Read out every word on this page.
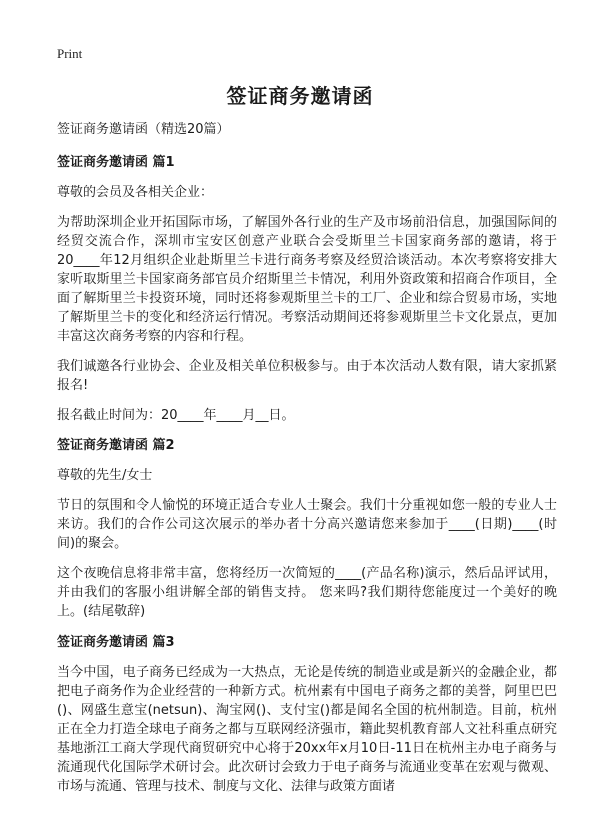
Print
签证商务邀请函

签证商务邀请函（精选20篇）

签证商务邀请函 篇1

尊敬的会员及各相关企业：

为帮助深圳企业开拓国际市场，了解国外各行业的生产及市场前沿信息，加强国际间的经贸交流合作，深圳市宝安区创意产业联合会受斯里兰卡国家商务部的邀请，将于20____年12月组织企业赴斯里兰卡进行商务考察及经贸洽谈活动。本次考察将安排大家听取斯里兰卡国家商务部官员介绍斯里兰卡情况，利用外资政策和招商合作项目，全面了解斯里兰卡投资环境，同时还将参观斯里兰卡的工厂、企业和综合贸易市场，实地了解斯里兰卡的变化和经济运行情况。考察活动期间还将参观斯里兰卡文化景点，更加丰富这次商务考察的内容和行程。

我们诚邀各行业协会、企业及相关单位积极参与。由于本次活动人数有限，请大家抓紧报名!

报名截止时间为：20____年____月__日。

签证商务邀请函 篇2

尊敬的先生/女士

节日的氛围和令人愉悦的环境正适合专业人士聚会。我们十分重视如您一般的专业人士来访。我们的合作公司这次展示的举办者十分高兴邀请您来参加于____(日期)____(时间)的聚会。

这个夜晚信息将非常丰富，您将经历一次简短的____(产品名称)演示，然后品评试用，并由我们的客服小组讲解全部的销售支持。 您来吗?我们期待您能度过一个美好的晚上。(结尾敬辞)

签证商务邀请函 篇3

当今中国，电子商务已经成为一大热点，无论是传统的制造业或是新兴的金融企业，都把电子商务作为企业经营的一种新方式。杭州素有中国电子商务之都的美誉，阿里巴巴()、网盛生意宝(netsun)、淘宝网()、支付宝()都是闻名全国的杭州制造。目前，杭州正在全力打造全球电子商务之都与互联网经济强市，籍此契机教育部人文社科重点研究基地浙江工商大学现代商贸研究中心将于20xx年x月10日-11日在杭州主办电子商务与流通现代化国际学术研讨会。此次研讨会致力于电子商务与流通业变革在宏观与微观、市场与流通、管理与技术、制度与文化、法律与政策方面诸
